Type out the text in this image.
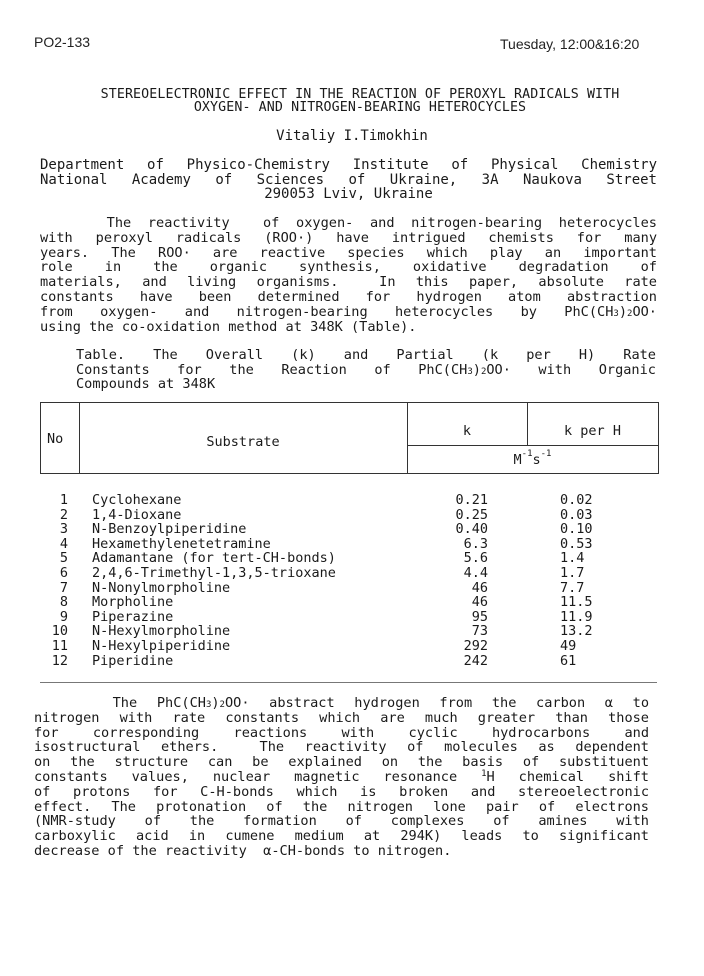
PO2-133	Tuesday, 12:00&16:20
STEREOELECTRONIC EFFECT IN THE REACTION OF PEROXYL RADICALS WITH
OXYGEN- AND NITROGEN-BEARING HETEROCYCLES
Vitaliy I.Timokhin
Department of Physico-Chemistry Institute of Physical Chemistry
National Academy of Sciences of Ukraine, 3A Naukova Street
290053 Lviv, Ukraine
The reactivity  of oxygen- and nitrogen-bearing heterocycles
with peroxyl radicals (ROO·) have intrigued chemists for many
years. The ROO· are reactive species which play an important
role in the organic synthesis, oxidative degradation of
materials, and living organisms.  In this paper, absolute rate
constants have been determined for hydrogen atom abstraction
from oxygen- and nitrogen-bearing heterocycles by $PhC(CH_3)_2OO\cdot$
using the co-oxidation method at 348K (Table).
Table. The Overall (k) and Partial (k per H) Rate
Constants for the Reaction of $PhC(CH_3)_2OO\cdot$ with Organic
Compounds at 348K
No	Substrate
k	k per H
$M^{-1}s^{-1}$
1 Cyclohexane	0.21	0.02
2 1,4-Dioxane	0.25	0.03
3 N-Benzoylpiperidine	0.40	0.10
4 Hexamethylenetetramine	6.3	0.53
5 Adamantane (for tert-CH-bonds)	5.6	1.4
6 2,4,6-Trimethyl-1,3,5-trioxane	4.4	1.7
7 N-Nonylmorpholine	46	7.7
8 Morpholine	46	11.5
9 Piperazine	95	11.9
10 N-Hexylmorpholine	73	13.2
11 N-Hexylpiperidine	292	49
12 Piperidine	242	61
The $PhC(CH_3)_2OO\cdot$ abstract hydrogen from the carbon α to
nitrogen with rate constants which are much greater than those
for corresponding reactions with cyclic hydrocarbons and
isostructural ethers.  The reactivity of molecules as dependent
on the structure can be explained on the basis of substituent
constants values, nuclear magnetic resonance $^1$H chemical shift
of protons for C-H-bonds which is broken and stereoelectronic
effect. The protonation of the nitrogen lone pair of electrons
(NMR-study of the formation of complexes of amines with
carboxylic acid in cumene medium at 294K) leads to significant
decrease of the reactivity  α-CH-bonds to nitrogen.
